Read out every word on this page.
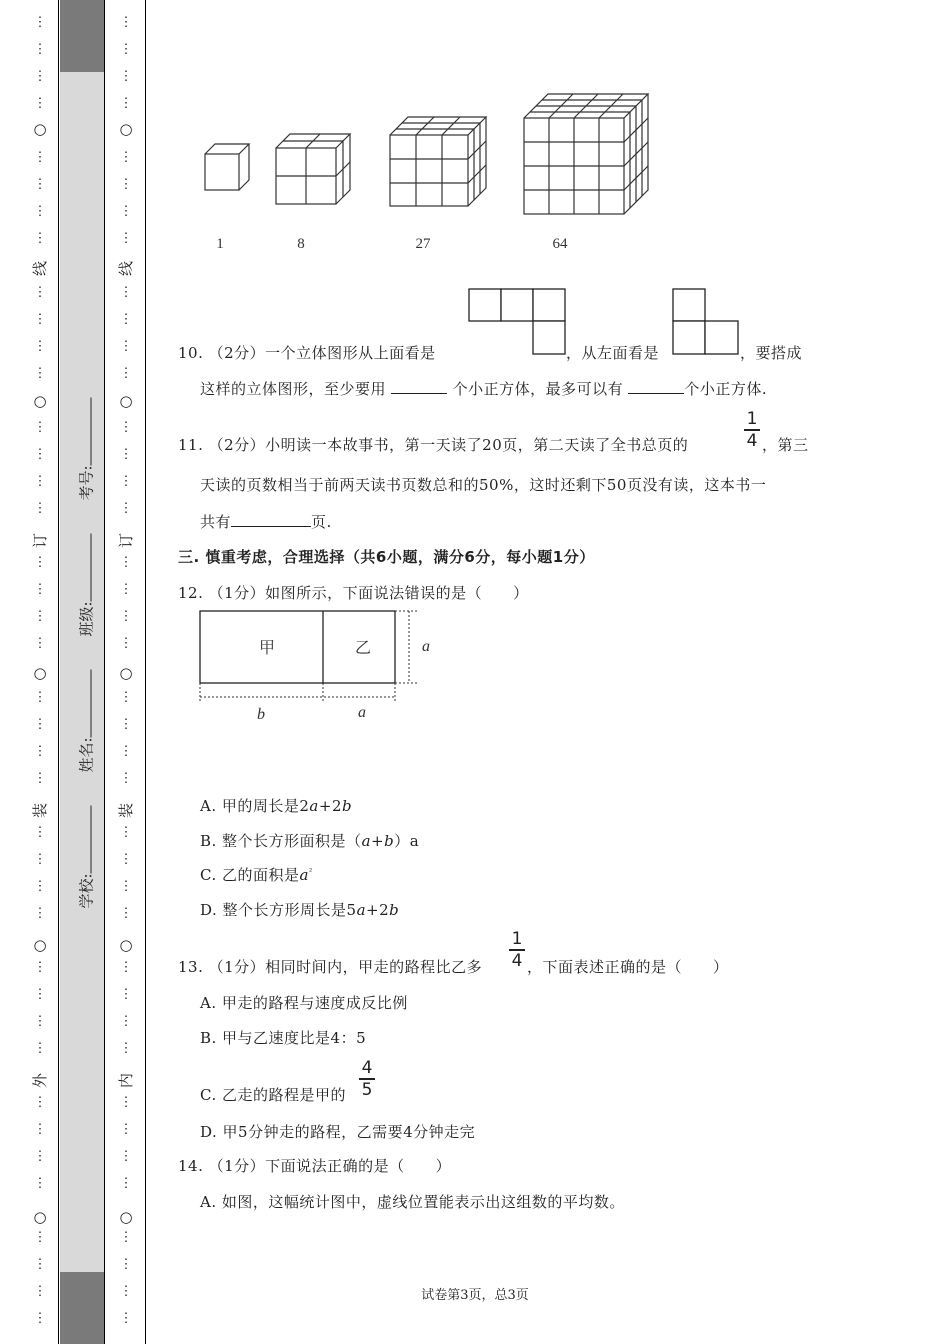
⋮
⋮
⋮
⋮
⋮
⋮
⋮
⋮
⋮
⋮
⋮
⋮
⋮
⋮
⋮
⋮
⋮
⋮
⋮
⋮
⋮
⋮
⋮
⋮
⋮
⋮
⋮
⋮
⋮
⋮
⋮
⋮
⋮
⋮
⋮
⋮
⋮
⋮
⋮
⋮
○
○
○
○
○
⋮
⋮
⋮
⋮
⋮
⋮
⋮
⋮
⋮
⋮
⋮
⋮
⋮
⋮
⋮
⋮
⋮
⋮
⋮
⋮
⋮
⋮
⋮
⋮
⋮
⋮
⋮
⋮
⋮
⋮
⋮
⋮
⋮
⋮
⋮
⋮
⋮
⋮
⋮
⋮
○
○
○
○
○
外
装
订
线
内
装
订
线
学校:
姓名:
班级:
考号:
1	8	27	64
10. （2分）一个立体图形从上面看是	，从左面看是	，要搭成
这样的立体图形，至少要用	个小正方体，最多可以有	个小正方体.
11. （2分）小明读一本故事书，第一天读了20页，第二天读了全书总页的
1
4 ，第三
天读的页数相当于前两天读书页数总和的50%，这时还剩下50页没有读，这本书一
共有	页.
三. 慎重考虑，合理选择（共6小题，满分6分，每小题1分）
12. （1分）如图所示，下面说法错误的是（　　）
甲	乙	a
b	a
A. 甲的周长是2a+2b
B. 整个长方形面积是（a+b）a
C. 乙的面积是$a^{^2}$
D. 整个长方形周长是5a+2b
13. （1分）相同时间内，甲走的路程比乙多
1
4 ，下面表述正确的是（　　）
A. 甲走的路程与速度成反比例
B. 甲与乙速度比是4：5
C. 乙走的路程是甲的
4
5
D. 甲5分钟走的路程，乙需要4分钟走完
14. （1分）下面说法正确的是（　　）
A. 如图，这幅统计图中，虚线位置能表示出这组数的平均数。
试卷第3页，总3页
